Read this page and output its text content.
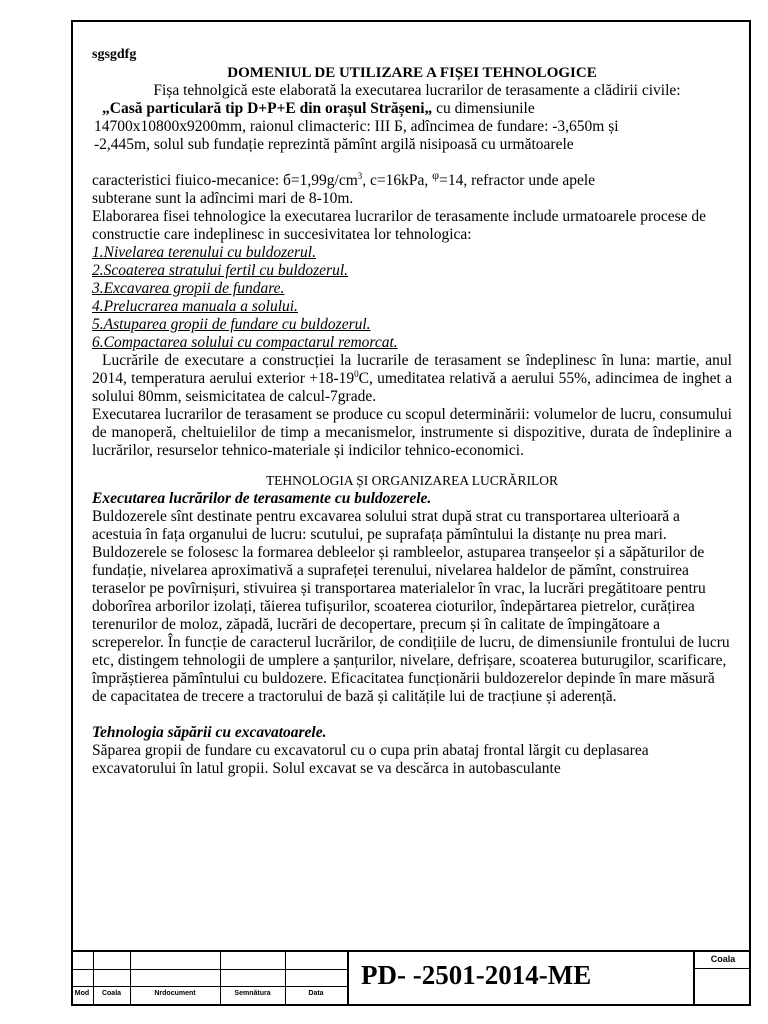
sgsgdfg

DOMENIUL DE UTILIZARE A FIȘEI TEHNOLOGICE

Fișa tehnolgică este elaborată la executarea lucrarilor de terasamente a clădirii civile:

„Casă particulară tip D+P+E din orașul Strășeni„ cu dimensiunile

14700x10800x9200mm, raionul climacteric: III Б, adîncimea de fundare: -3,650m și

-2,445m, solul sub fundație reprezintă pămînt argilă nisipoasă cu următoarele

caracteristici fiuico-mecanice: $б=1,99g/cm^3$, c=16kPa, $^\varphi$=14, refractor unde apele

subterane sunt la adîncimi mari de 8-10m.

Elaborarea fisei tehnologice la executarea lucrarilor de terasamente include urmatoarele procese de constructie care indeplinesc in succesivitatea lor tehnologica:

1.Nivelarea terenului cu buldozerul.
2.Scoaterea stratului fertil cu buldozerul.
3.Excavarea gropii de fundare.
4.Prelucrarea manuala a solului.
5.Astuparea gropii de fundare cu buldozerul.
6.Compactarea solului cu compactarul remorcat.

Lucrările de executare a construcției la lucrarile de terasament se îndeplinesc în luna: martie, anul 2014, temperatura aerului exterior $+18-19^0C$, umeditatea relativă a aerului 55%, adincimea de inghet a solului 80mm, seismicitatea de calcul-7grade.

Executarea lucrarilor de terasament se produce cu scopul determinării: volumelor de lucru, consumului de manoperă, cheltuielilor de timp a mecanismelor, instrumente si dispozitive, durata de îndeplinire a lucrărilor, resurselor tehnico-materiale și indicilor tehnico-economici.

TEHNOLOGIA ȘI ORGANIZAREA LUCRĂRILOR

Executarea lucrărilor de terasamente cu buldozerele.

Buldozerele sînt destinate pentru excavarea solului strat după strat cu transportarea ulterioară a acestuia în fața organului de lucru: scutului, pe suprafața pămîntului la distanțe nu prea mari.

Buldozerele se folosesc la formarea debleelor și rambleelor, astuparea tranșeelor și a săpăturilor de fundație, nivelarea aproximativă a suprafeței terenului, nivelarea haldelor de pămînt, construirea teraselor pe povîrnișuri, stivuirea și transportarea materialelor în vrac, la lucrări pregătitoare pentru doborîrea arborilor izolați, tăierea tufișurilor, scoaterea cioturilor, îndepărtarea pietrelor, curățirea terenurilor de moloz, zăpadă, lucrări de decopertare, precum și în calitate de împingătoare a screperelor. În funcție de caracterul lucrărilor, de condițiile de lucru, de dimensiunile frontului de lucru etc, distingem tehnologii de umplere a șanțurilor, nivelare, defrișare, scoaterea buturugilor, scarificare, împrăștierea pămîntului cu buldozere. Eficacitatea funcționării buldozerelor depinde în mare măsură de capacitatea de trecere a tractorului de bază și calitățile lui de tracțiune și aderență.

Tehnologia săpării cu excavatoarele.

Săparea gropii de fundare cu excavatorul cu o cupa prin abataj frontal lărgit cu deplasarea excavatorului în latul gropii. Solul excavat se va descărca in autobasculante

Mod	Coala	Nrdocument	Semnătura	Data
PD- -2501-2014-ME
Coala
